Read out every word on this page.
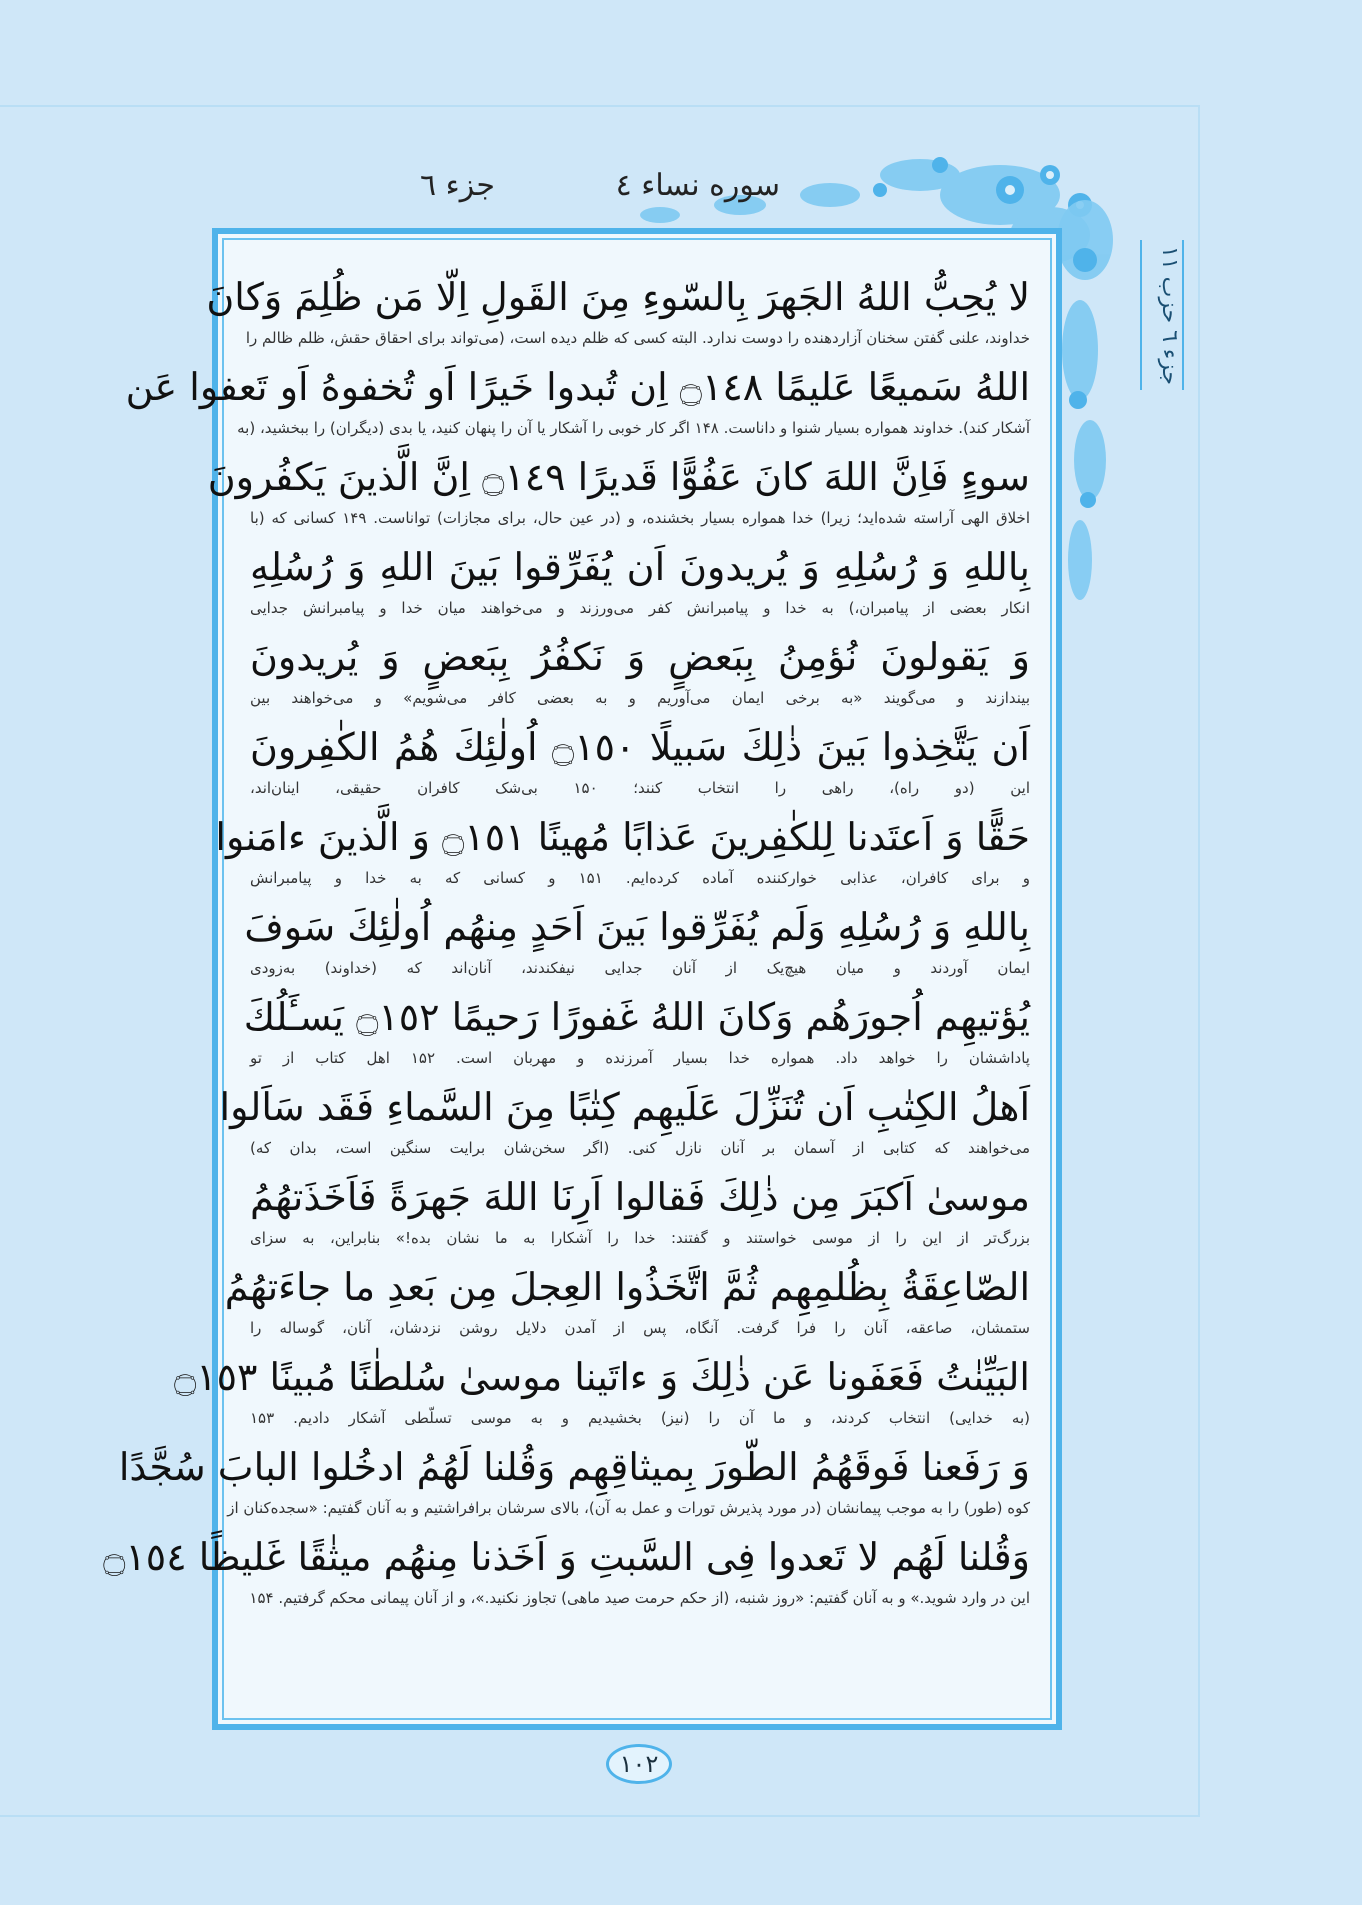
سوره نساء ٤
جزء ٦
جزء ٦ حزب ١١
لا يُحِبُّ اللهُ الجَهرَ بِالسّوءِ مِنَ القَولِ اِلّا مَن ظُلِمَ وَكانَ
خداوند، علنی گفتن سخنان آزاردهنده را دوست ندارد. البته کسی که ظلم دیده است، (می‌تواند برای احقاق حقش، ظلم ظالم را
اللهُ سَميعًا عَليمًا ۝١٤٨ اِن تُبدوا خَيرًا اَو تُخفوهُ اَو تَعفوا عَن
آشکار کند). خداوند همواره بسیار شنوا و داناست. ۱۴۸ اگر کار خوبی را آشکار یا آن را پنهان کنید، یا بدی (دیگران) را ببخشید، (به
سوءٍ فَاِنَّ اللهَ كانَ عَفُوًّا قَديرًا ۝١٤٩ اِنَّ الَّذينَ يَكفُرونَ
اخلاق الهی آراسته شده‌اید؛ زیرا) خدا همواره بسیار بخشنده، و (در عین حال، برای مجازات) تواناست. ۱۴۹ کسانی که (با
بِاللهِ وَ رُسُلِهِ وَ يُريدونَ اَن يُفَرِّقوا بَينَ اللهِ وَ رُسُلِهِ
انکار بعضی از پیامبران،) به خدا و پیامبرانش کفر می‌ورزند و می‌خواهند میان خدا و پیامبرانش جدایی
وَ يَقولونَ نُؤمِنُ بِبَعضٍ وَ نَكفُرُ بِبَعضٍ وَ يُريدونَ
بیندازند و می‌گویند «به برخی ایمان می‌آوریم و به بعضی کافر می‌شویم» و می‌خواهند بین
اَن يَتَّخِذوا بَينَ ذٰلِكَ سَبيلًا ۝١٥٠ اُولٰئِكَ هُمُ الكٰفِرونَ
این (دو راه)، راهی را انتخاب کنند؛ ۱۵۰ بی‌شک کافران حقیقی، اینان‌اند،
حَقًّا وَ اَعتَدنا لِلكٰفِرينَ عَذابًا مُهينًا ۝١٥١ وَ الَّذينَ ءامَنوا
و برای کافران، عذابی خوارکننده آماده کرده‌ایم. ۱۵۱ و کسانی که به خدا و پیامبرانش
بِاللهِ وَ رُسُلِهِ وَلَم يُفَرِّقوا بَينَ اَحَدٍ مِنهُم اُولٰئِكَ سَوفَ
ایمان آوردند و میان هیچ‌یک از آنان جدایی نیفکندند، آنان‌اند که (خداوند) به‌زودی
يُؤتيهِم اُجورَهُم وَكانَ اللهُ غَفورًا رَحيمًا ۝١٥٢ يَسـَٔلُكَ
پاداششان را خواهد داد. همواره خدا بسیار آمرزنده و مهربان است. ۱۵۲ اهل کتاب از تو
اَهلُ الكِتٰبِ اَن تُنَزِّلَ عَلَيهِم كِتٰبًا مِنَ السَّماءِ فَقَد سَاَلوا
می‌خواهند که کتابی از آسمان بر آنان نازل کنی. (اگر سخن‌شان برایت سنگین است، بدان که)
موسىٰ اَكبَرَ مِن ذٰلِكَ فَقالوا اَرِنَا اللهَ جَهرَةً فَاَخَذَتهُمُ
بزرگ‌تر از این را از موسی خواستند و گفتند: خدا را آشکارا به ما نشان بده!» بنابراین، به سزای
الصّاعِقَةُ بِظُلمِهِم ثُمَّ اتَّخَذُوا العِجلَ مِن بَعدِ ما جاءَتهُمُ
ستمشان، صاعقه، آنان را فرا گرفت. آنگاه، پس از آمدن دلایل روشن نزدشان، آنان، گوساله را
البَيِّنٰتُ فَعَفَونا عَن ذٰلِكَ وَ ءاتَينا موسىٰ سُلطٰنًا مُبينًا ۝١٥٣
(به خدایی) انتخاب کردند، و ما آن را (نیز) بخشیدیم و به موسی تسلّطی آشکار دادیم. ۱۵۳
وَ رَفَعنا فَوقَهُمُ الطّورَ بِميثاقِهِم وَقُلنا لَهُمُ ادخُلوا البابَ سُجَّدًا
کوه (طور) را به موجب پیمانشان (در مورد پذیرش تورات و عمل به آن)، بالای سرشان برافراشتیم و به آنان گفتیم: «سجده‌کنان از
وَقُلنا لَهُم لا تَعدوا فِى السَّبتِ وَ اَخَذنا مِنهُم ميثٰقًا غَليظًا ۝١٥٤
این در وارد شوید.» و به آنان گفتیم: «روز شنبه، (از حکم حرمت صید ماهی) تجاوز نکنید.»، و از آنان پیمانی محکم گرفتیم. ۱۵۴
١٠٢
